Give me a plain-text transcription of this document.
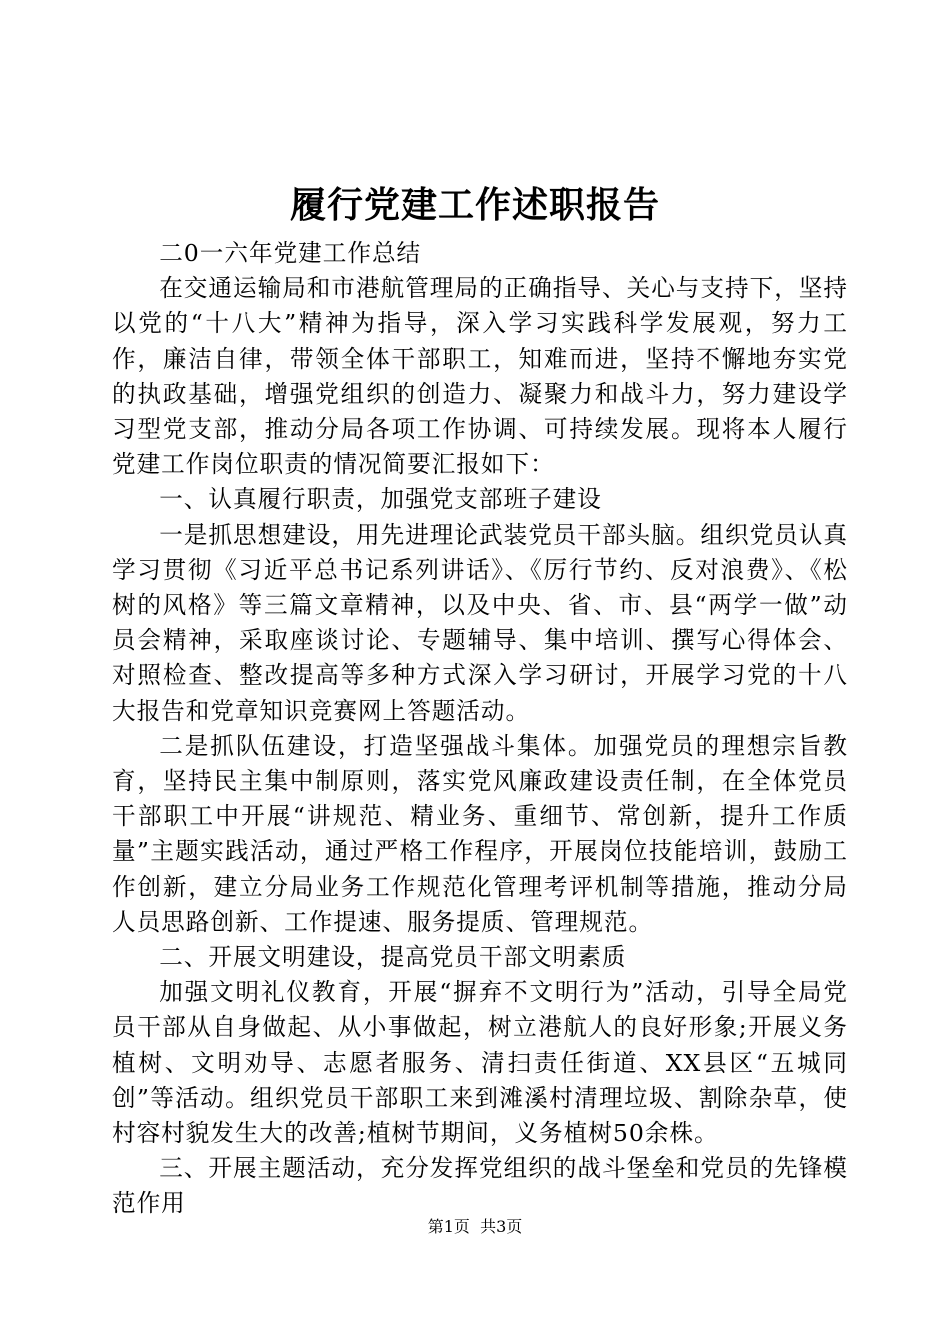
履行党建工作述职报告

二0一六年党建工作总结

在交通运输局和市港航管理局的正确指导、关心与支持下，坚持以党的“十八大”精神为指导，深入学习实践科学发展观，努力工作，廉洁自律，带领全体干部职工，知难而进，坚持不懈地夯实党的执政基础，增强党组织的创造力、凝聚力和战斗力，努力建设学习型党支部，推动分局各项工作协调、可持续发展。现将本人履行党建工作岗位职责的情况简要汇报如下：

一、认真履行职责，加强党支部班子建设

一是抓思想建设，用先进理论武装党员干部头脑。组织党员认真学习贯彻《习近平总书记系列讲话》、《厉行节约、反对浪费》、《松树的风格》等三篇文章精神，以及中央、省、市、县“两学一做”动员会精神，采取座谈讨论、专题辅导、集中培训、撰写心得体会、对照检查、整改提高等多种方式深入学习研讨，开展学习党的十八大报告和党章知识竞赛网上答题活动。

二是抓队伍建设，打造坚强战斗集体。加强党员的理想宗旨教育，坚持民主集中制原则，落实党风廉政建设责任制，在全体党员干部职工中开展“讲规范、精业务、重细节、常创新，提升工作质量”主题实践活动，通过严格工作程序，开展岗位技能培训，鼓励工作创新，建立分局业务工作规范化管理考评机制等措施，推动分局人员思路创新、工作提速、服务提质、管理规范。

二、开展文明建设，提高党员干部文明素质

加强文明礼仪教育，开展“摒弃不文明行为”活动，引导全局党员干部从自身做起、从小事做起，树立港航人的良好形象;开展义务植树、文明劝导、志愿者服务、清扫责任街道、XX县区“五城同创”等活动。组织党员干部职工来到滩溪村清理垃圾、割除杂草，使村容村貌发生大的改善;植树节期间，义务植树50余株。

三、开展主题活动，充分发挥党组织的战斗堡垒和党员的先锋模范作用

第1页 共3页
